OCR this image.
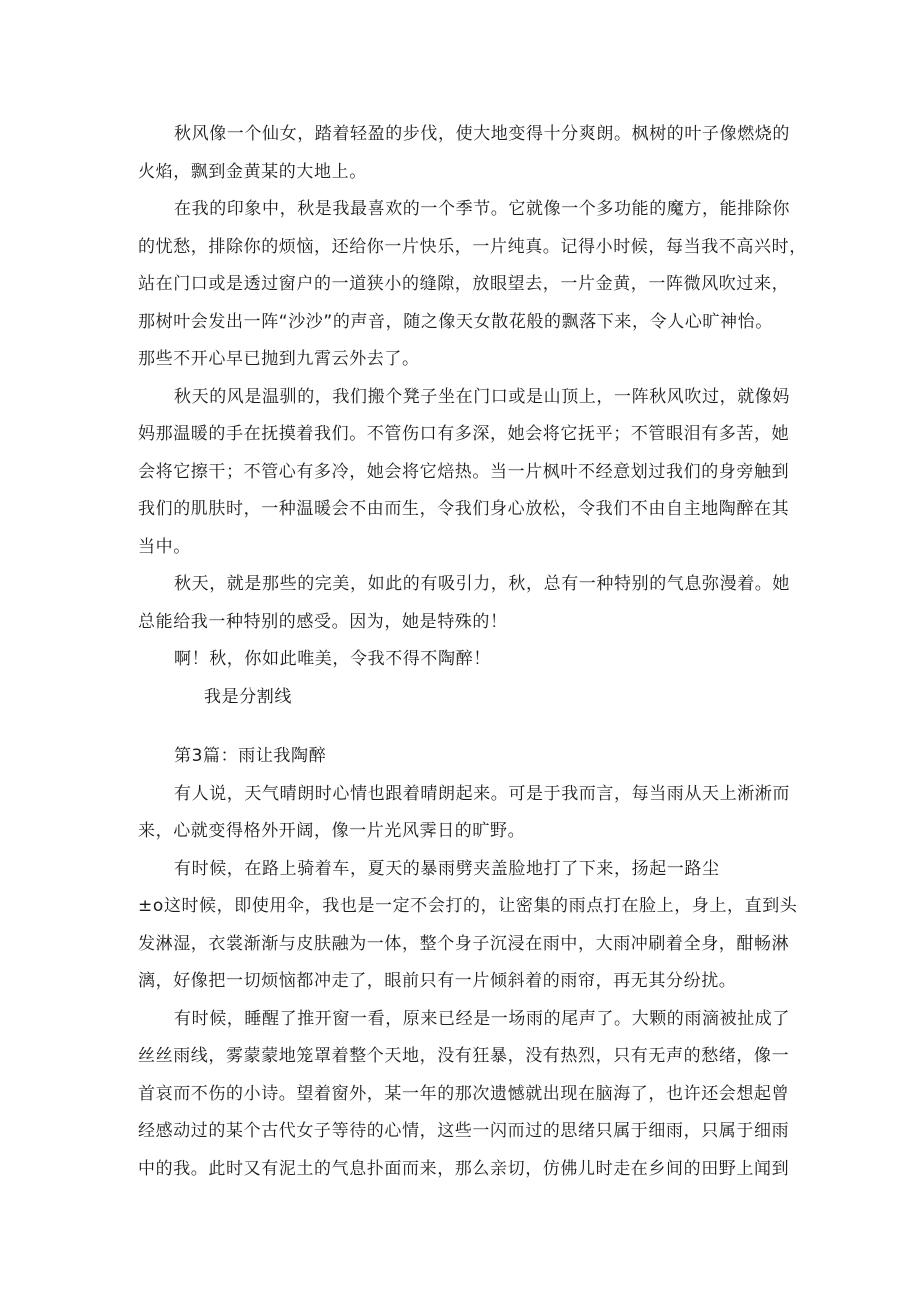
秋风像一个仙女，踏着轻盈的步伐，使大地变得十分爽朗。枫树的叶子像燃烧的
火焰，飘到金黄某的大地上。
在我的印象中，秋是我最喜欢的一个季节。它就像一个多功能的魔方，能排除你
的忧愁，排除你的烦恼，还给你一片快乐，一片纯真。记得小时候，每当我不高兴时，
站在门口或是透过窗户的一道狭小的缝隙，放眼望去，一片金黄，一阵微风吹过来，
那树叶会发出一阵“沙沙”的声音，随之像天女散花般的飘落下来，令人心旷神怡。
那些不开心早已抛到九霄云外去了。
秋天的风是温驯的，我们搬个凳子坐在门口或是山顶上，一阵秋风吹过，就像妈
妈那温暖的手在抚摸着我们。不管伤口有多深，她会将它抚平；不管眼泪有多苦，她
会将它擦干；不管心有多冷，她会将它焙热。当一片枫叶不经意划过我们的身旁触到
我们的肌肤时，一种温暖会不由而生，令我们身心放松，令我们不由自主地陶醉在其
当中。
秋天，就是那些的完美，如此的有吸引力，秋，总有一种特别的气息弥漫着。她
总能给我一种特别的感受。因为，她是特殊的！
啊！秋，你如此唯美，令我不得不陶醉！
我是分割线
第3篇：雨让我陶醉
有人说，天气晴朗时心情也跟着晴朗起来。可是于我而言，每当雨从天上淅淅而
来，心就变得格外开阔，像一片光风霁日的旷野。
有时候，在路上骑着车，夏天的暴雨劈夹盖脸地打了下来，扬起一路尘
±o这时候，即使用伞，我也是一定不会打的，让密集的雨点打在脸上，身上，直到头
发淋湿，衣裳渐渐与皮肤融为一体，整个身子沉浸在雨中，大雨冲刷着全身，酣畅淋
漓，好像把一切烦恼都冲走了，眼前只有一片倾斜着的雨帘，再无其分纷扰。
有时候，睡醒了推开窗一看，原来已经是一场雨的尾声了。大颗的雨滴被扯成了
丝丝雨线，雾蒙蒙地笼罩着整个天地，没有狂暴，没有热烈，只有无声的愁绪，像一
首哀而不伤的小诗。望着窗外，某一年的那次遗憾就出现在脑海了，也许还会想起曾
经感动过的某个古代女子等待的心情，这些一闪而过的思绪只属于细雨，只属于细雨
中的我。此时又有泥土的气息扑面而来，那么亲切，仿佛儿时走在乡间的田野上闻到
